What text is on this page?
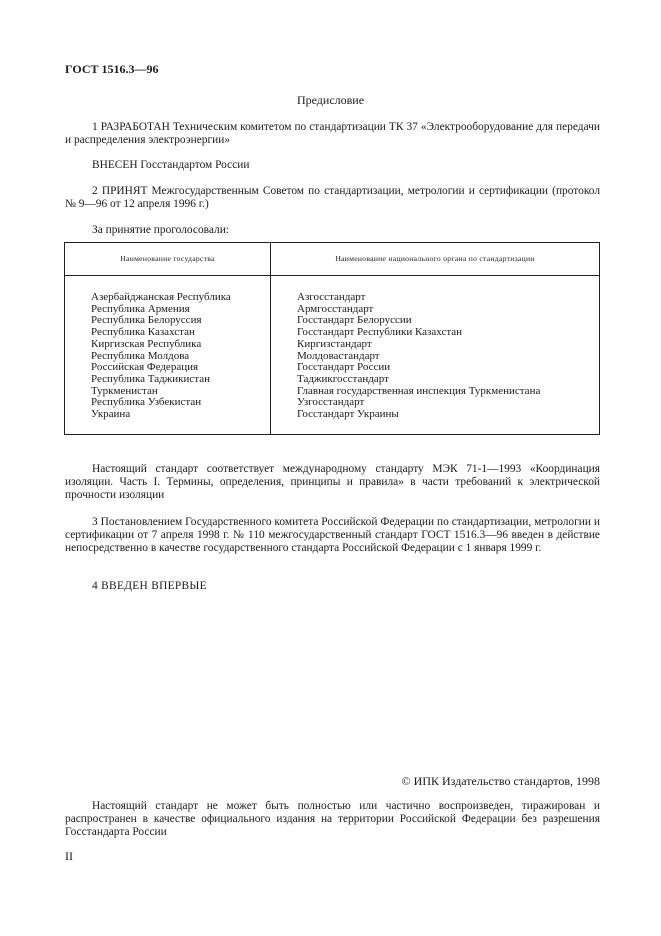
ГОСТ 1516.3—96
Предисловие
1 РАЗРАБОТАН Техническим комитетом по стандартизации ТК 37 «Электрооборудование для передачи и распределения электроэнергии»
ВНЕСЕН Госстандартом России
2 ПРИНЯТ Межгосударственным Советом по стандартизации, метрологии и сертификации (протокол № 9—96 от 12 апреля 1996 г.)
За принятие проголосовали:
Наименование государства	Наименование национального органа по стандартизации
Азербайджанская Республика
Республика Армения
Республика Белоруссия
Республика Казахстан
Киргизская Республика
Республика Молдова
Российская Федерация
Республика Таджикистан
Туркменистан
Республика Узбекистан
Украина
Азгосстандарт
Армгосстандарт
Госстандарт Белоруссии
Госстандарт Республики Казахстан
Киргизстандарт
Молдовастандарт
Госстандарт России
Таджикгосстандарт
Главная государственная инспекция Туркменистана
Узгосстандарт
Госстандарт Украины
Настоящий стандарт соответствует международному стандарту МЭК 71-1—1993 «Координация изоляции. Часть I. Термины, определения, принципы и правила» в части требований к электрической прочности изоляции
3 Постановлением Государственного комитета Российской Федерации по стандартизации, метрологии и сертификации от 7 апреля 1998 г. № 110 межгосударственный стандарт ГОСТ 1516.3—96 введен в действие непосредственно в качестве государственного стандарта Российской Федерации с 1 января 1999 г.
4 ВВЕДЕН ВПЕРВЫЕ
© ИПК Издательство стандартов, 1998
Настоящий стандарт не может быть полностью или частично воспроизведен, тиражирован и распространен в качестве официального издания на территории Российской Федерации без разрешения Госстандарта России
II
